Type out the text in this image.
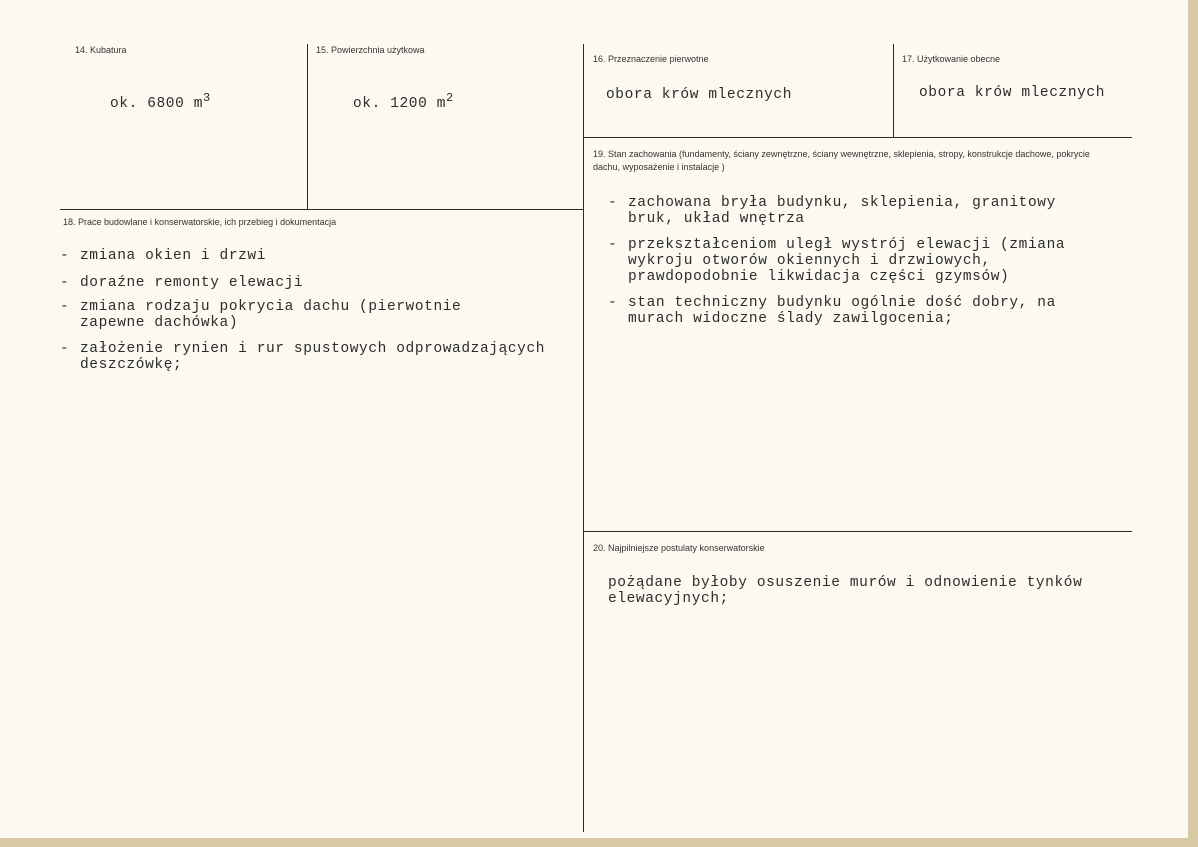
14. Kubatura
ok. 6800 $m^3$
15. Powierzchnia użytkowa
ok. 1200 $m^2$
16. Przeznaczenie pierwotne
obora krów mlecznych
17. Użytkowanie obecne
obora krów mlecznych
18. Prace budowlane i konserwatorskie, ich przebieg i dokumentacja
- zmiana okien i drzwi
- doraźne remonty elewacji
- zmiana rodzaju pokrycia dachu (pierwotnie zapewne dachówka)
- założenie rynien i rur spustowych odprowadzających deszczówkę;
19. Stan zachowania (fundamenty, ściany zewnętrzne, ściany wewnętrzne, sklepienia, stropy, konstrukcje dachowe, pokrycie dachu, wyposażenie i instalacje )
- zachowana bryła budynku, sklepienia, granitowy bruk, układ wnętrza
- przekształceniom uległ wystrój elewacji (zmiana wykroju otworów okiennych i drzwiowych, prawdopodobnie likwidacja części gzymsów)
- stan techniczny budynku ogólnie dość dobry, na murach widoczne ślady zawilgocenia;
20. Najpilniejsze postulaty konserwatorskie
pożądane byłoby osuszenie murów i odnowienie tynków elewacyjnych;
